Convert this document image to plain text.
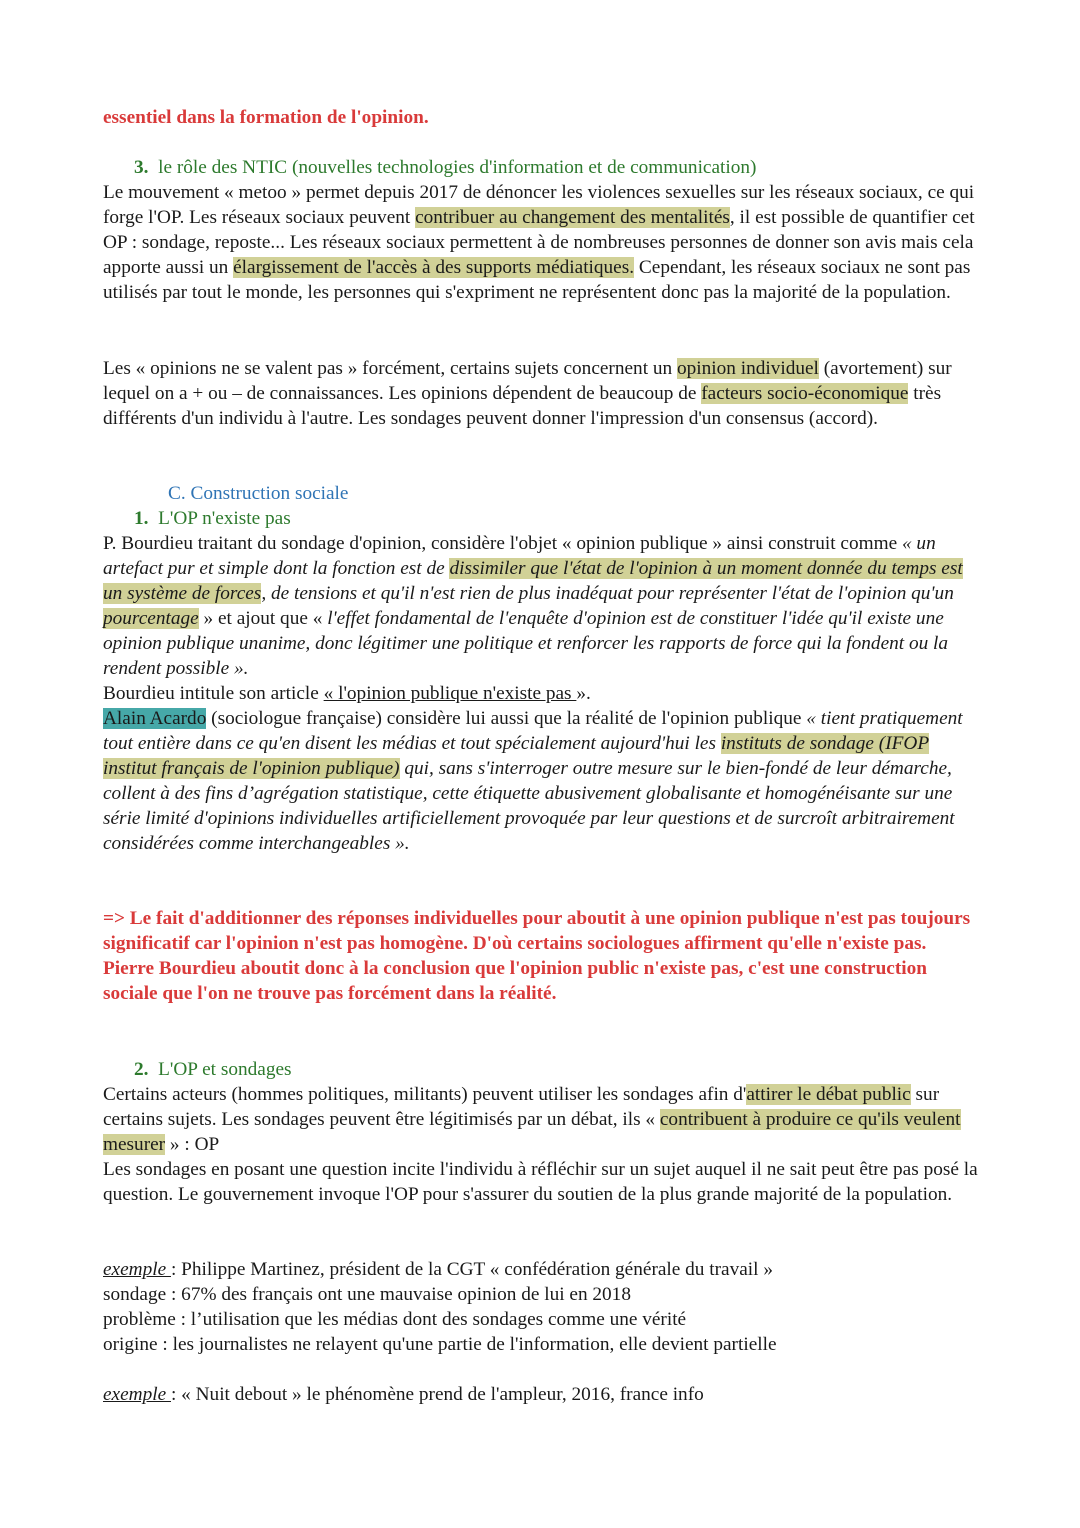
essentiel dans la formation de l'opinion.

3. le rôle des NTIC (nouvelles technologies d'information et de communication)

Le mouvement « metoo » permet depuis 2017 de dénoncer les violences sexuelles sur les réseaux sociaux, ce qui forge l'OP. Les réseaux sociaux peuvent contribuer au changement des mentalités, il est possible de quantifier cet OP : sondage, reposte... Les réseaux sociaux permettent à de nombreuses personnes de donner son avis mais cela apporte aussi un élargissement de l'accès à des supports médiatiques. Cependant, les réseaux sociaux ne sont pas utilisés par tout le monde, les personnes qui s'expriment ne représentent donc pas la majorité de la population.

Les « opinions ne se valent pas » forcément, certains sujets concernent un opinion individuel (avortement) sur lequel on a + ou – de connaissances. Les opinions dépendent de beaucoup de facteurs socio-économique très différents d'un individu à l'autre. Les sondages peuvent donner l'impression d'un consensus (accord).

C. Construction sociale

1. L'OP n'existe pas

P. Bourdieu traitant du sondage d'opinion, considère l'objet « opinion publique » ainsi construit comme « un artefact pur et simple dont la fonction est de dissimiler que l'état de l'opinion à un moment donnée du temps est un système de forces, de tensions et qu'il n'est rien de plus inadéquat pour représenter l'état de l'opinion qu'un pourcentage » et ajout que « l'effet fondamental de l'enquête d'opinion est de constituer l'idée qu'il existe une opinion publique unanime, donc légitimer une politique et renforcer les rapports de force qui la fondent ou la rendent possible ».
Bourdieu intitule son article « l'opinion publique n'existe pas ».

Alain Acardo (sociologue française) considère lui aussi que la réalité de l'opinion publique « tient pratiquement tout entière dans ce qu'en disent les médias et tout spécialement aujourd'hui les instituts de sondage (IFOP institut français de l'opinion publique) qui, sans s'interroger outre mesure sur le bien-fondé de leur démarche, collent à des fins d’agrégation statistique, cette étiquette abusivement globalisante et homogénéisante sur une série limité d'opinions individuelles artificiellement provoquée par leur questions et de surcroît arbitrairement considérées comme interchangeables ».

=> Le fait d'additionner des réponses individuelles pour aboutit à une opinion publique n'est pas toujours significatif car l'opinion n'est pas homogène. D'où certains sociologues affirment qu'elle n'existe pas.
Pierre Bourdieu aboutit donc à la conclusion que l'opinion public n'existe pas, c'est une construction sociale que l'on ne trouve pas forcément dans la réalité.

2. L'OP et sondages

Certains acteurs (hommes politiques, militants) peuvent utiliser les sondages afin d'attirer le débat public sur certains sujets. Les sondages peuvent être légitimisés par un débat, ils « contribuent à produire ce qu'ils veulent mesurer » : OP
Les sondages en posant une question incite l'individu à réfléchir sur un sujet auquel il ne sait peut être pas posé la question. Le gouvernement invoque l'OP pour s'assurer du soutien de la plus grande majorité de la population.

exemple : Philippe Martinez, président de la CGT « confédération générale du travail »
sondage : 67% des français ont une mauvaise opinion de lui en 2018
problème : l’utilisation que les médias dont des sondages comme une vérité
origine : les journalistes ne relayent qu'une partie de l'information, elle devient partielle

exemple : « Nuit debout » le phénomène prend de l'ampleur, 2016, france info
